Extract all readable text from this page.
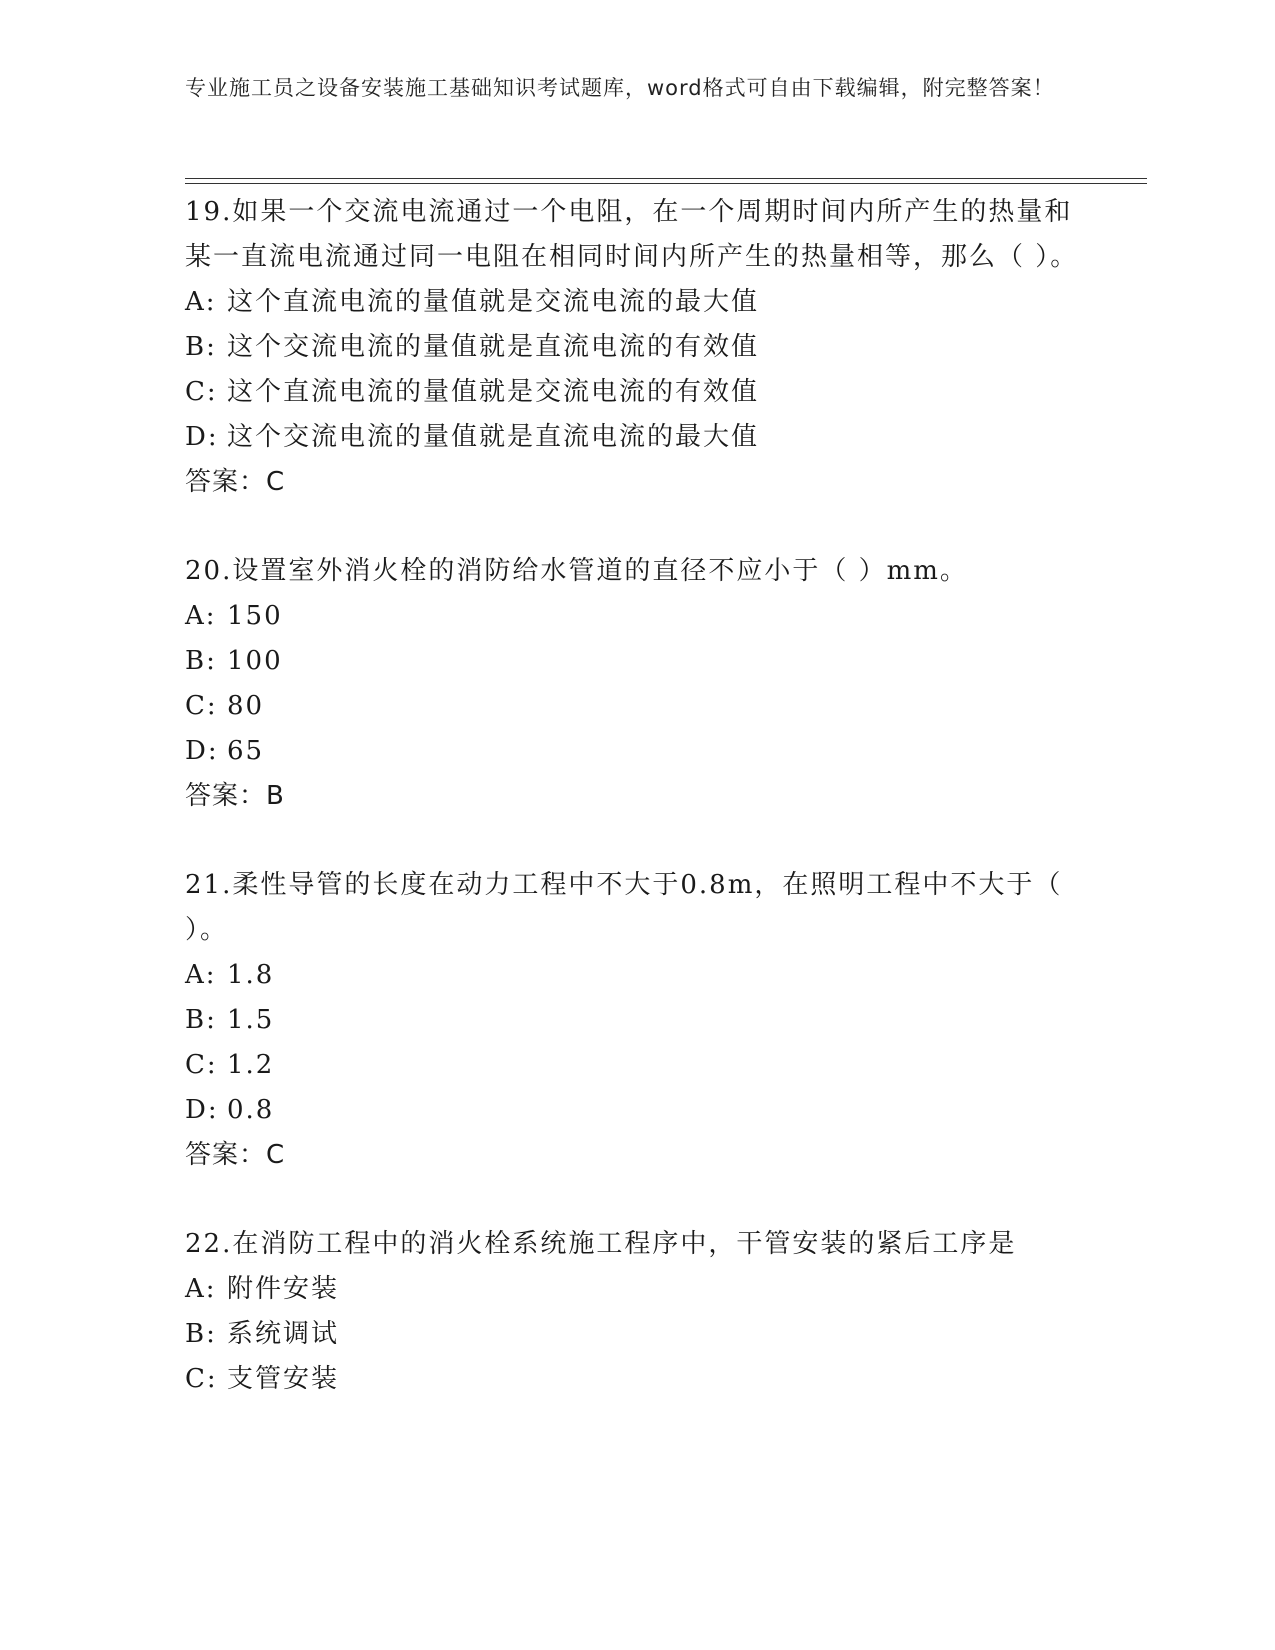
专业施工员之设备安装施工基础知识考试题库，word格式可自由下载编辑，附完整答案！

19.如果一个交流电流通过一个电阻，在一个周期时间内所产生的热量和某一直流电流通过同一电阻在相同时间内所产生的热量相等，那么（ ）。

A: 这个直流电流的量值就是交流电流的最大值

B: 这个交流电流的量值就是直流电流的有效值

C: 这个直流电流的量值就是交流电流的有效值

D: 这个交流电流的量值就是直流电流的最大值

答案：C

20.设置室外消火栓的消防给水管道的直径不应小于（ ）mm。

A: 150

B: 100

C: 80

D: 65

答案：B

21.柔性导管的长度在动力工程中不大于0.8m，在照明工程中不大于（ ）。

A: 1.8

B: 1.5

C: 1.2

D: 0.8

答案：C

22.在消防工程中的消火栓系统施工程序中，干管安装的紧后工序是

A: 附件安装

B: 系统调试

C: 支管安装
